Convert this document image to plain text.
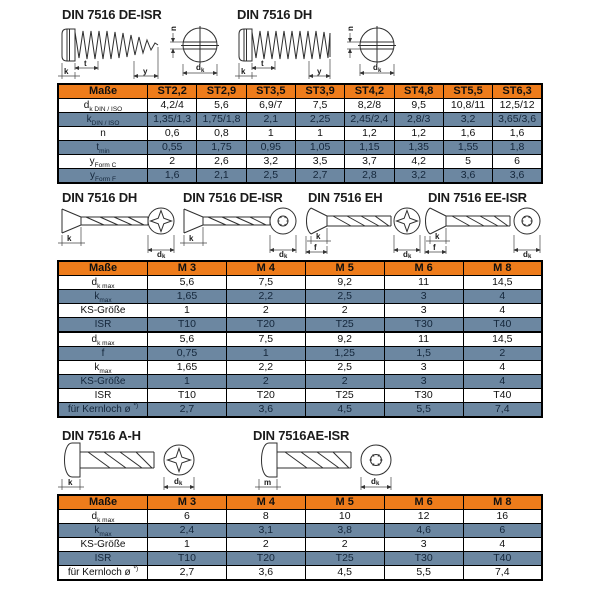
DIN 7516 DE-ISR	DIN 7516 DH
t
k	y
n
d k
t
k	y
n
d k
Maße	ST2,2	ST2,9	ST3,5	ST3,9	ST4,2	ST4,8	ST5,5	ST6,3
$d_{k DIN / ISO}$	4,2/4	5,6	6,9/7	7,5	8,2/8	9,5	10,8/11	12,5/12
$k_{DIN / ISO}$	1,35/1,3	1,75/1,8	2,1	2,25	2,45/2,4	2,8/3	3,2	3,65/3,6
n	0,6	0,8	1	1	1,2	1,2	1,6	1,6
$t_{min}$	0,55	1,75	0,95	1,05	1,15	1,35	1,55	1,8
$y_{Form C}$	2	2,6	3,2	3,5	3,7	4,2	5	6
$y_{Form F}$	1,6	2,1	2,5	2,7	2,8	3,2	3,6	3,6
DIN 7516 DH	DIN 7516 DE-ISR DIN 7516 EH	DIN 7516 EE-ISR
k
d k
k
d k
k
f
d k
k
f
d k
Maße	M 3	M 4	M 5	M 6	M 8
$d_{k max}$	5,6	7,5	9,2	11	14,5
$k_{max}$	1,65	2,2	2,5	3	4
KS-Größe	1	2	2	3	4
ISR	T10	T20	T25	T30	T40
$d_{k max}$	5,6	7,5	9,2	11	14,5
f	0,75	1	1,25	1,5	2
$k_{max}$	1,65	2,2	2,5	3	4
KS-Größe	1	2	2	3	4
ISR	T10	T20	T25	T30	T40
für Kernloch ø *)	2,7	3,6	4,5	5,5	7,4
DIN 7516 A-H	DIN 7516AE-ISR
k	d k	m	d k
Maße	M 3	M 4	M 5	M 6	M 8
$d_{k max}$	6	8	10	12	16
$k_{max}$	2,4	3,1	3,8	4,6	6
KS-Größe	1	2	2	3	4
ISR	T10	T20	T25	T30	T40
für Kernloch ø *)	2,7	3,6	4,5	5,5	7,4
